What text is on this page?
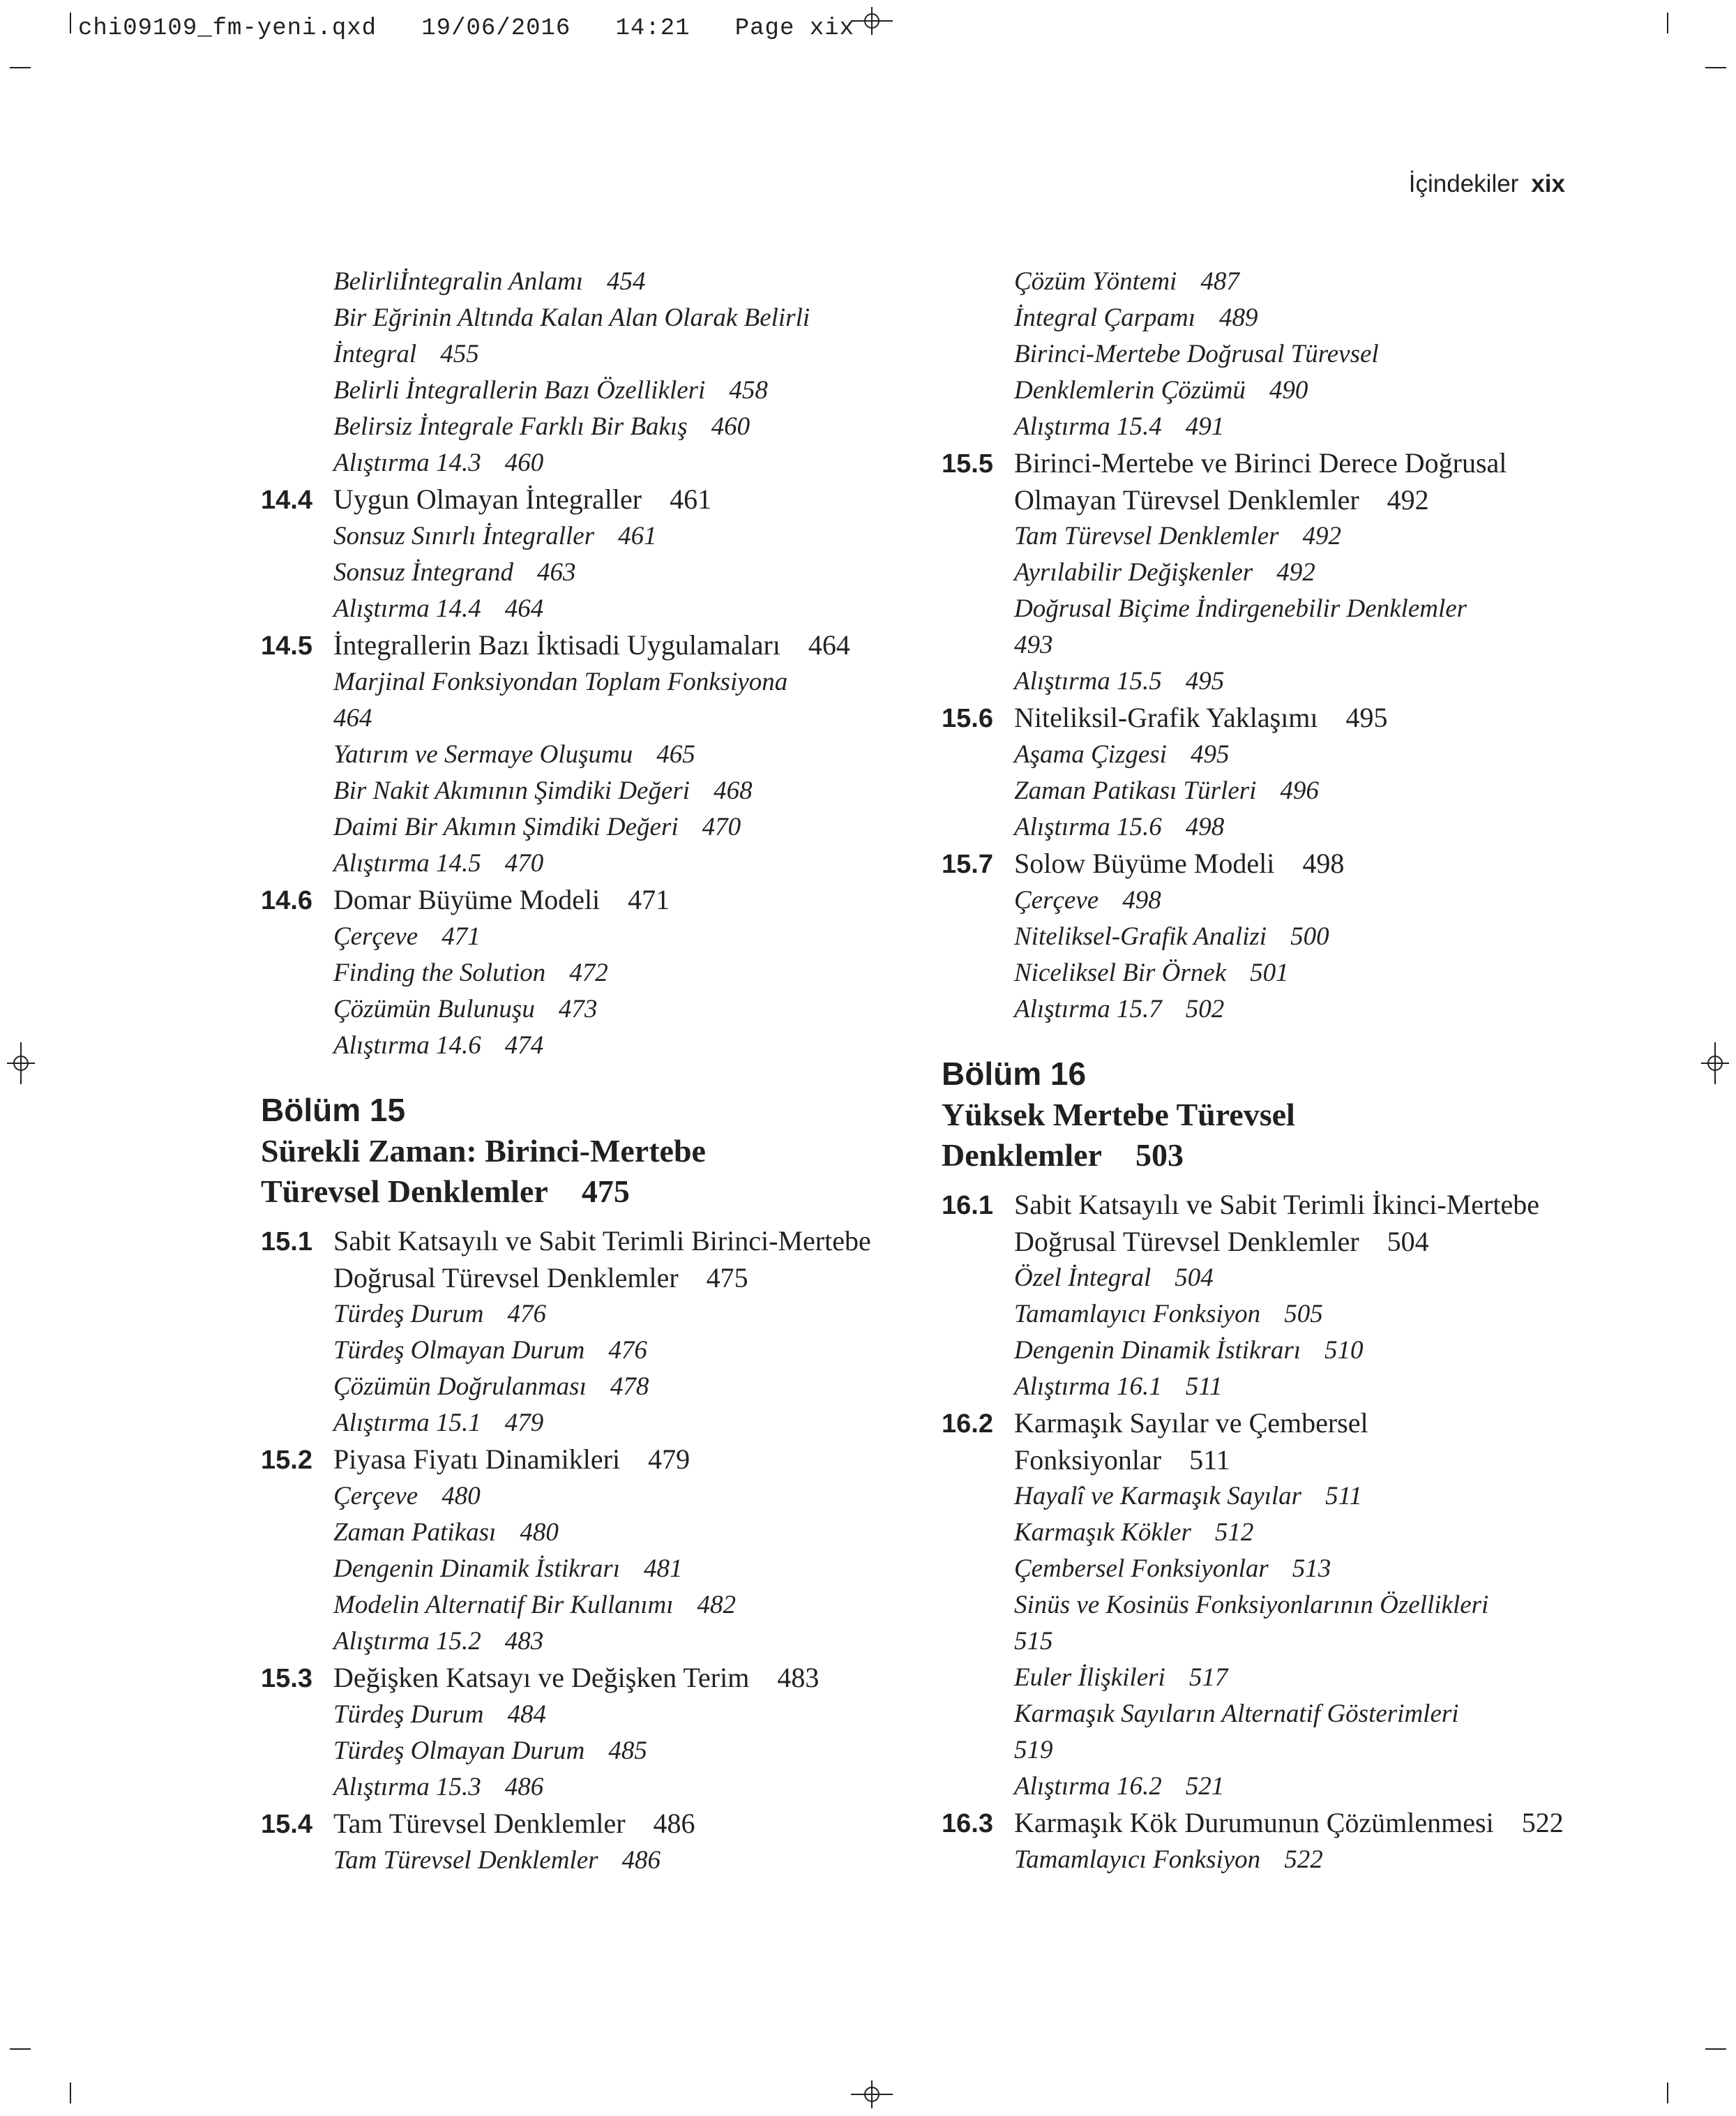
chi09109_fm-yeni.qxd   19/06/2016   14:21   Page xix
İçindekiler xix
Belirliİntegralin Anlamı 454
Bir Eğrinin Altında Kalan Alan Olarak Belirli
İntegral 455
Belirli İntegrallerin Bazı Özellikleri 458
Belirsiz İntegrale Farklı Bir Bakış 460
Alıştırma 14.3 460
14.4 Uygun Olmayan İntegraller 461
Sonsuz Sınırlı İntegraller 461
Sonsuz İntegrand 463
Alıştırma 14.4 464
14.5 İntegrallerin Bazı İktisadi Uygulamaları 464
Marjinal Fonksiyondan Toplam Fonksiyona
464
Yatırım ve Sermaye Oluşumu 465
Bir Nakit Akımının Şimdiki Değeri 468
Daimi Bir Akımın Şimdiki Değeri 470
Alıştırma 14.5 470
14.6 Domar Büyüme Modeli 471
Çerçeve 471
Finding the Solution 472
Çözümün Bulunuşu 473
Alıştırma 14.6 474
Bölüm 15
Sürekli Zaman: Birinci-Mertebe
Türevsel Denklemler 475
15.1 Sabit Katsayılı ve Sabit Terimli Birinci-Mertebe Doğrusal Türevsel Denklemler 475
Türdeş Durum 476
Türdeş Olmayan Durum 476
Çözümün Doğrulanması 478
Alıştırma 15.1 479
15.2 Piyasa Fiyatı Dinamikleri 479
Çerçeve 480
Zaman Patikası 480
Dengenin Dinamik İstikrarı 481
Modelin Alternatif Bir Kullanımı 482
Alıştırma 15.2 483
15.3 Değişken Katsayı ve Değişken Terim 483
Türdeş Durum 484
Türdeş Olmayan Durum 485
Alıştırma 15.3 486
15.4 Tam Türevsel Denklemler 486
Tam Türevsel Denklemler 486
Çözüm Yöntemi 487
İntegral Çarpamı 489
Birinci-Mertebe Doğrusal Türevsel
Denklemlerin Çözümü 490
Alıştırma 15.4 491
15.5 Birinci-Mertebe ve Birinci Derece Doğrusal Olmayan Türevsel Denklemler 492
Tam Türevsel Denklemler 492
Ayrılabilir Değişkenler 492
Doğrusal Biçime İndirgenebilir Denklemler
493
Alıştırma 15.5 495
15.6 Niteliksil-Grafik Yaklaşımı 495
Aşama Çizgesi 495
Zaman Patikası Türleri 496
Alıştırma 15.6 498
15.7 Solow Büyüme Modeli 498
Çerçeve 498
Niteliksel-Grafik Analizi 500
Niceliksel Bir Örnek 501
Alıştırma 15.7 502
Bölüm 16
Yüksek Mertebe Türevsel
Denklemler 503
16.1 Sabit Katsayılı ve Sabit Terimli İkinci-Mertebe Doğrusal Türevsel Denklemler 504
Özel İntegral 504
Tamamlayıcı Fonksiyon 505
Dengenin Dinamik İstikrarı 510
Alıştırma 16.1 511
16.2 Karmaşık Sayılar ve Çembersel Fonksiyonlar 511
Hayalî ve Karmaşık Sayılar 511
Karmaşık Kökler 512
Çembersel Fonksiyonlar 513
Sinüs ve Kosinüs Fonksiyonlarının Özellikleri
515
Euler İlişkileri 517
Karmaşık Sayıların Alternatif Gösterimleri
519
Alıştırma 16.2 521
16.3 Karmaşık Kök Durumunun Çözümlenmesi 522
Tamamlayıcı Fonksiyon 522
